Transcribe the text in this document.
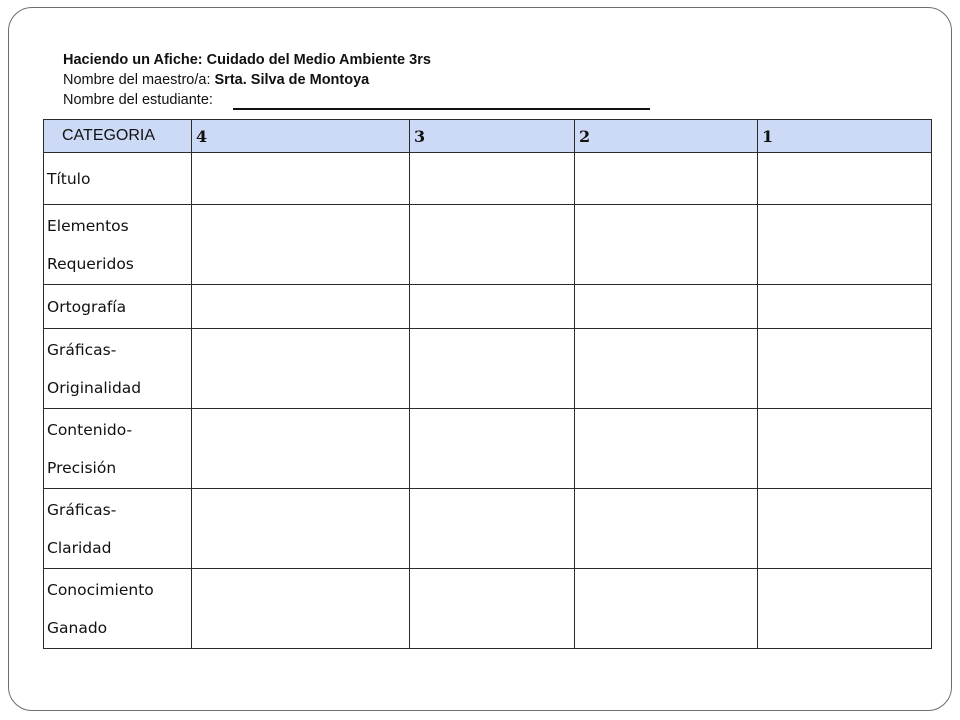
Haciendo un Afiche: Cuidado del Medio Ambiente 3rs
Nombre del maestro/a: Srta. Silva de Montoya
Nombre del estudiante:
CATEGORIA	4	3	2	1

Título				

Elementos
Requeridos				

Ortografía				

Gráficas-
Originalidad				

Contenido-
Precisión				

Gráficas-
Claridad				

Conocimiento
Ganado				
